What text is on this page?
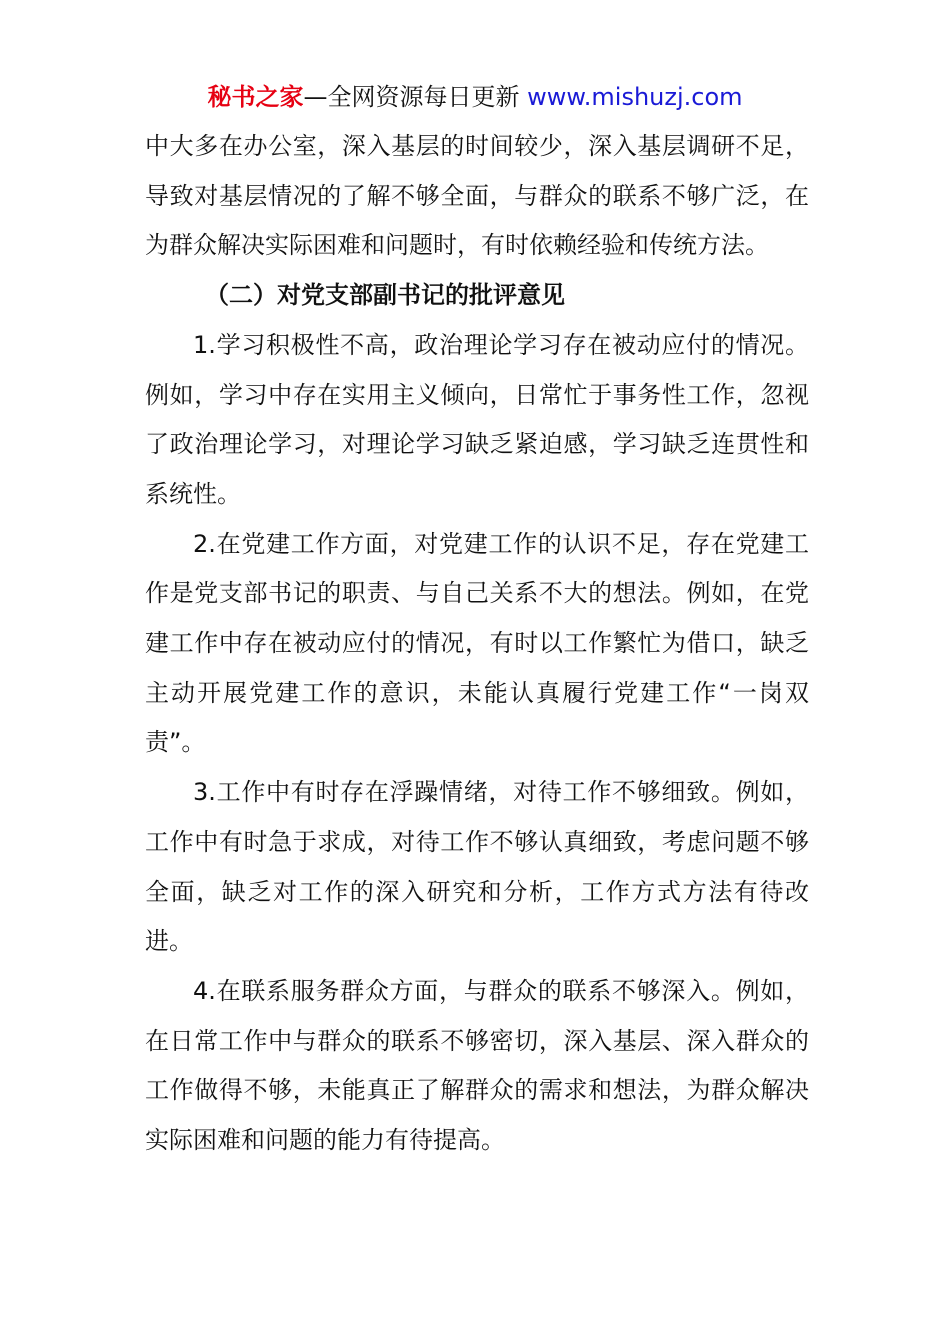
秘书之家—全网资源每日更新 www.mishuzj.com

中大多在办公室，深入基层的时间较少，深入基层调研不足，导致对基层情况的了解不够全面，与群众的联系不够广泛，在为群众解决实际困难和问题时，有时依赖经验和传统方法。

（二）对党支部副书记的批评意见

1.学习积极性不高，政治理论学习存在被动应付的情况。例如，学习中存在实用主义倾向，日常忙于事务性工作，忽视了政治理论学习，对理论学习缺乏紧迫感，学习缺乏连贯性和系统性。

2.在党建工作方面，对党建工作的认识不足，存在党建工作是党支部书记的职责、与自己关系不大的想法。例如，在党建工作中存在被动应付的情况，有时以工作繁忙为借口，缺乏主动开展党建工作的意识，未能认真履行党建工作“一岗双责”。

3.工作中有时存在浮躁情绪，对待工作不够细致。例如，工作中有时急于求成，对待工作不够认真细致，考虑问题不够全面，缺乏对工作的深入研究和分析，工作方式方法有待改进。

4.在联系服务群众方面，与群众的联系不够深入。例如，在日常工作中与群众的联系不够密切，深入基层、深入群众的工作做得不够，未能真正了解群众的需求和想法，为群众解决实际困难和问题的能力有待提高。
